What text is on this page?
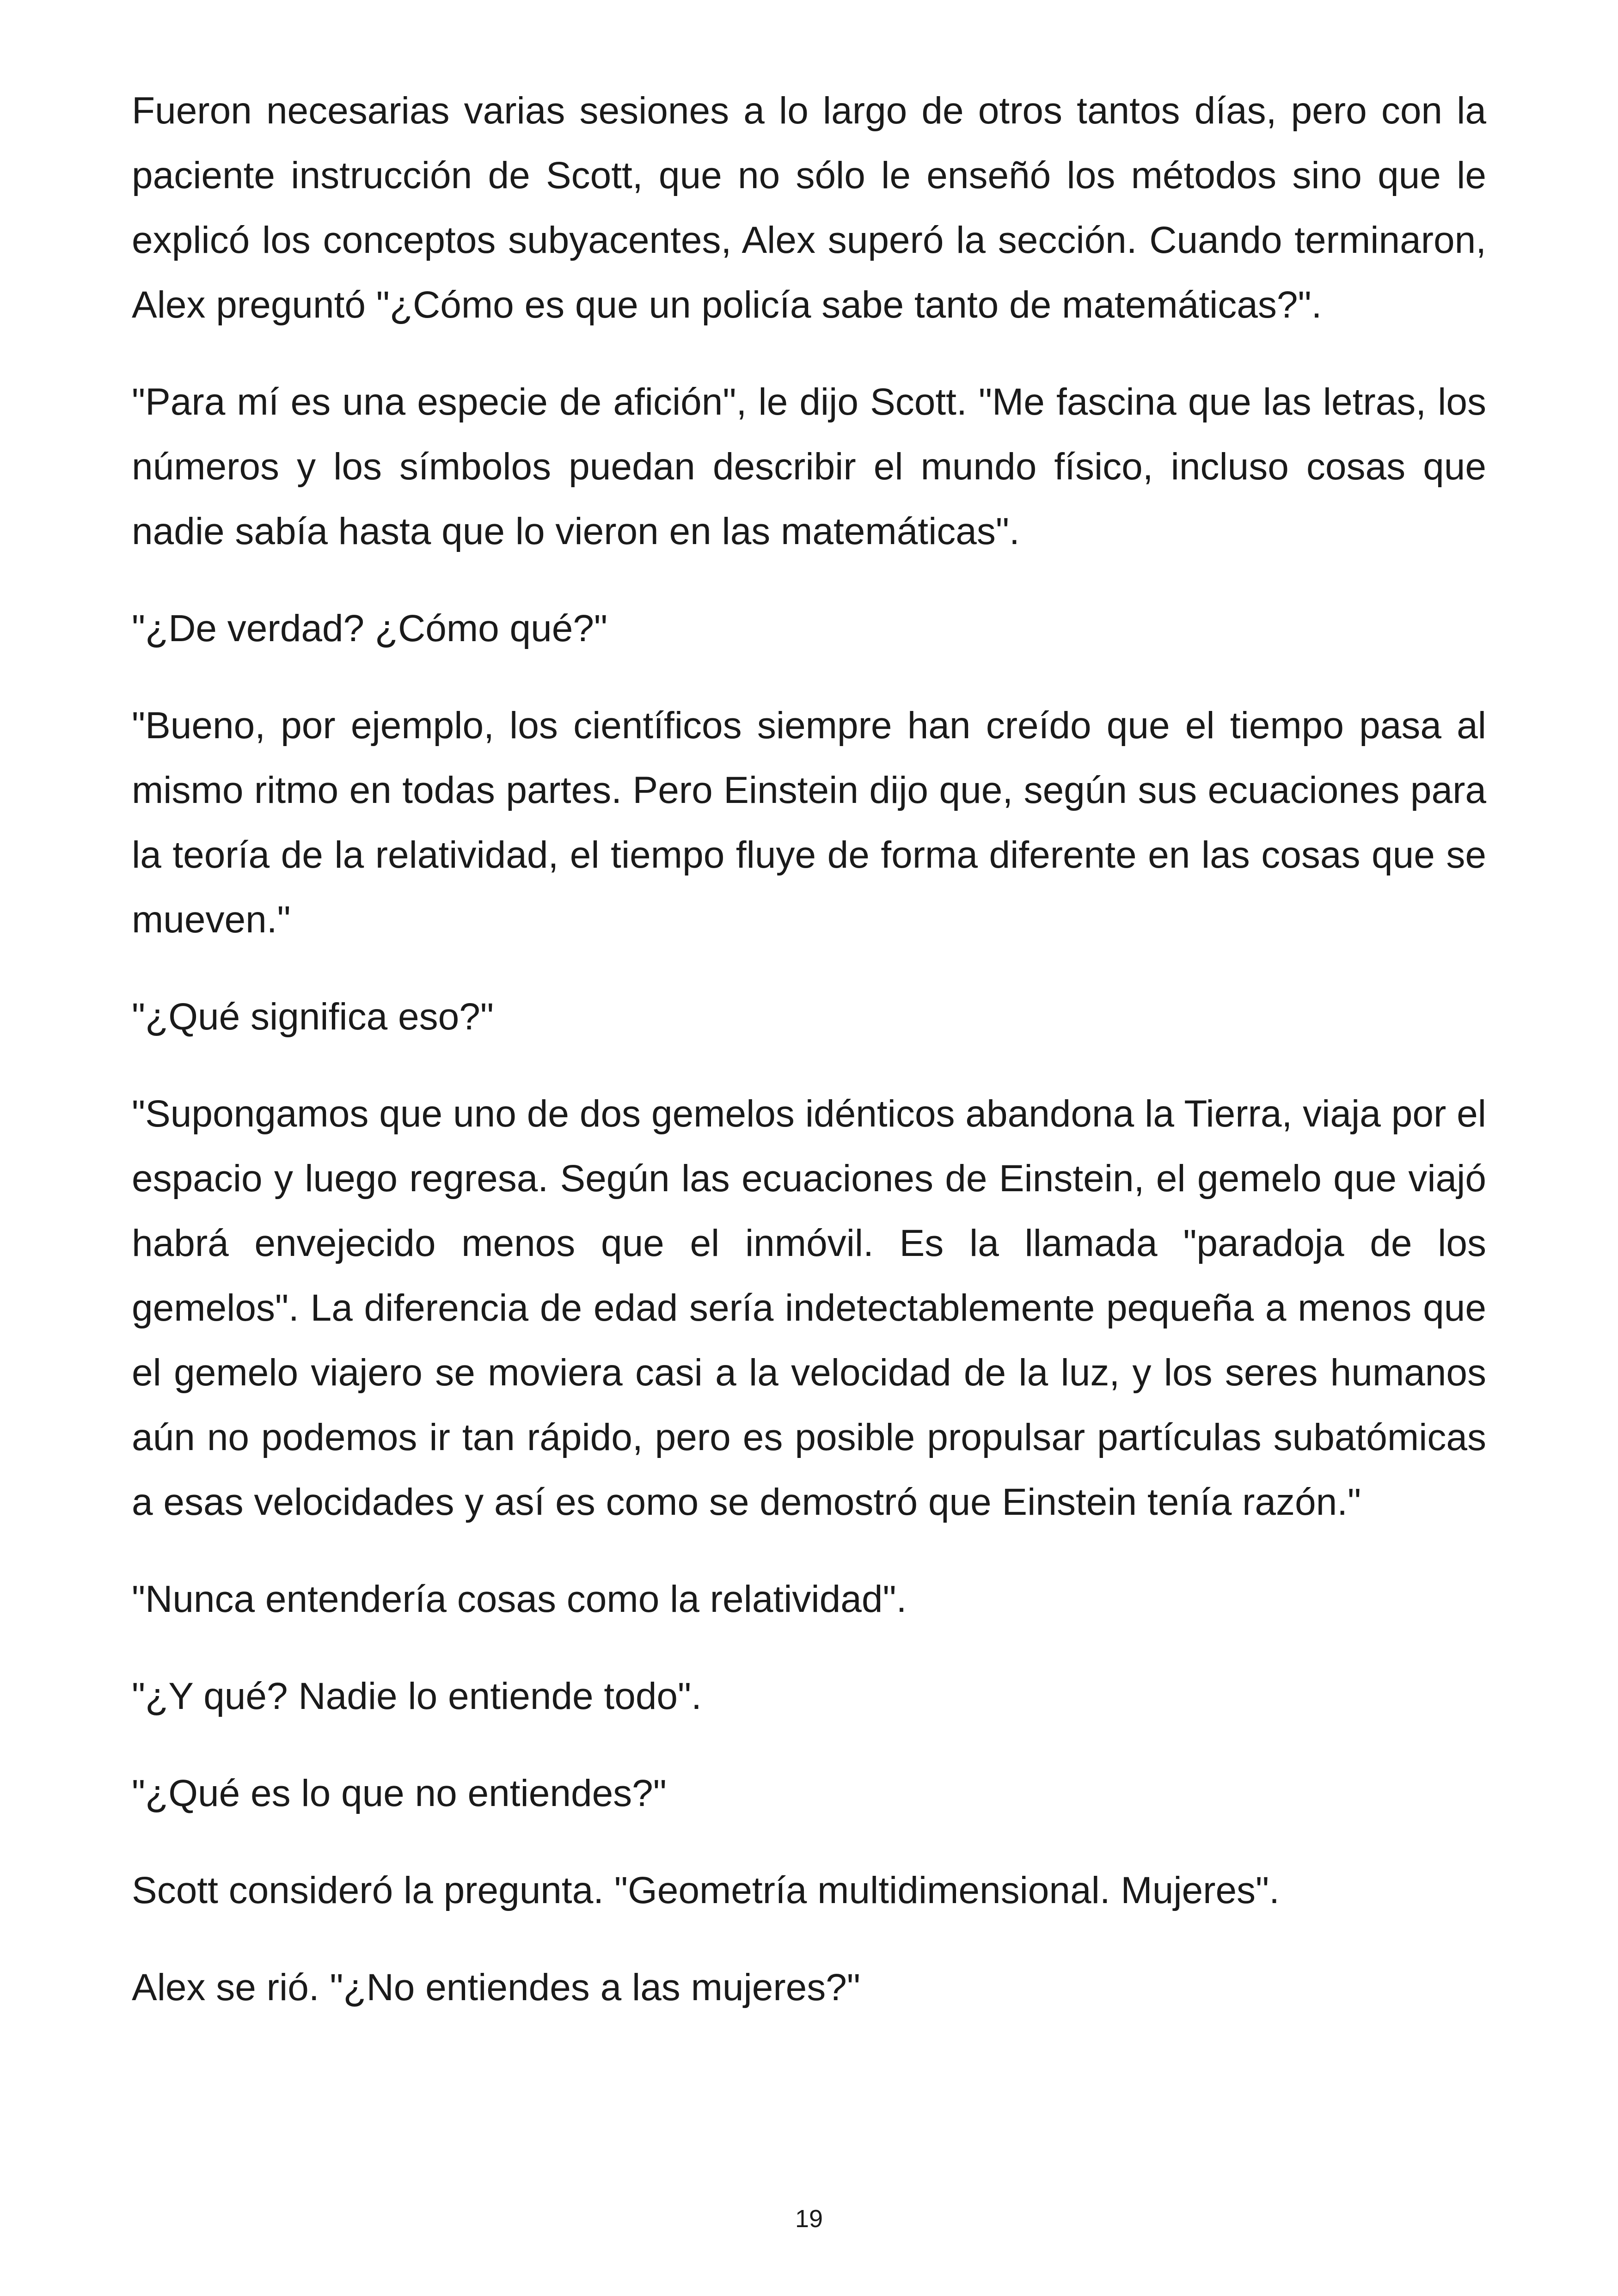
Fueron necesarias varias sesiones a lo largo de otros tantos días, pero con la paciente instrucción de Scott, que no sólo le enseñó los métodos sino que le explicó los conceptos subyacentes, Alex superó la sección. Cuando terminaron, Alex preguntó "¿Cómo es que un policía sabe tanto de matemáticas?".

"Para mí es una especie de afición", le dijo Scott. "Me fascina que las letras, los números y los símbolos puedan describir el mundo físico, incluso cosas que nadie sabía hasta que lo vieron en las matemáticas".

"¿De verdad? ¿Cómo qué?"

"Bueno, por ejemplo, los científicos siempre han creído que el tiempo pasa al mismo ritmo en todas partes. Pero Einstein dijo que, según sus ecuaciones para la teoría de la relatividad, el tiempo fluye de forma diferente en las cosas que se mueven."

"¿Qué significa eso?"

"Supongamos que uno de dos gemelos idénticos abandona la Tierra, viaja por el espacio y luego regresa. Según las ecuaciones de Einstein, el gemelo que viajó habrá envejecido menos que el inmóvil. Es la llamada "paradoja de los gemelos". La diferencia de edad sería indetectablemente pequeña a menos que el gemelo viajero se moviera casi a la velocidad de la luz, y los seres humanos aún no podemos ir tan rápido, pero es posible propulsar partículas subatómicas a esas velocidades y así es como se demostró que Einstein tenía razón."

"Nunca entendería cosas como la relatividad".

"¿Y qué? Nadie lo entiende todo".

"¿Qué es lo que no entiendes?"

Scott consideró la pregunta. "Geometría multidimensional. Mujeres".

Alex se rió. "¿No entiendes a las mujeres?"

19
